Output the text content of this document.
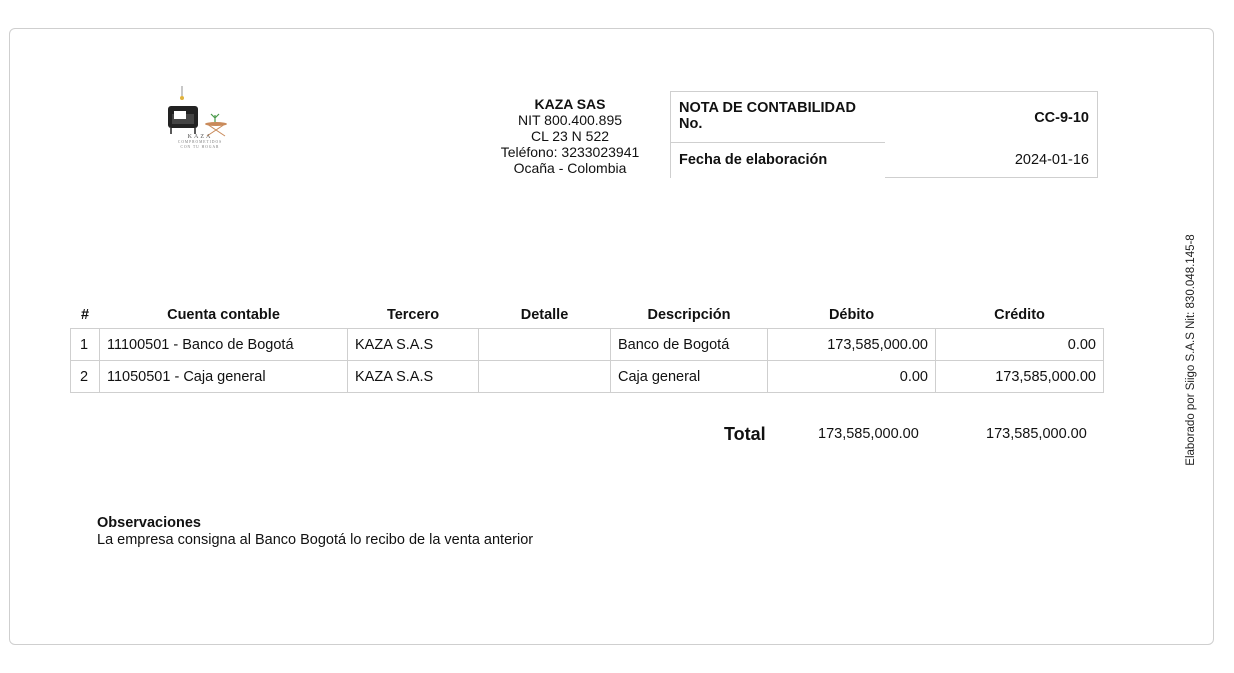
KAZA
COMPROMETIDOS
CON TU HOGAR
KAZA SAS
NIT 800.400.895
CL 23 N 522
Teléfono: 3233023941
Ocaña - Colombia
NOTA DE CONTABILIDAD No.	CC-9-10
Fecha de elaboración	2024-01-16
Elaborado por Siigo S.A.S Nit: 830.048.145-8
#	Cuenta contable	Tercero	Detalle	Descripción	Débito	Crédito
1	11100501 - Banco de Bogotá	KAZA S.A.S		Banco de Bogotá	173,585,000.00	0.00
2	11050501 - Caja general	KAZA S.A.S		Caja general	0.00	173,585,000.00
Total	173,585,000.00	173,585,000.00
Observaciones
La empresa consigna al Banco Bogotá lo recibo de la venta anterior
